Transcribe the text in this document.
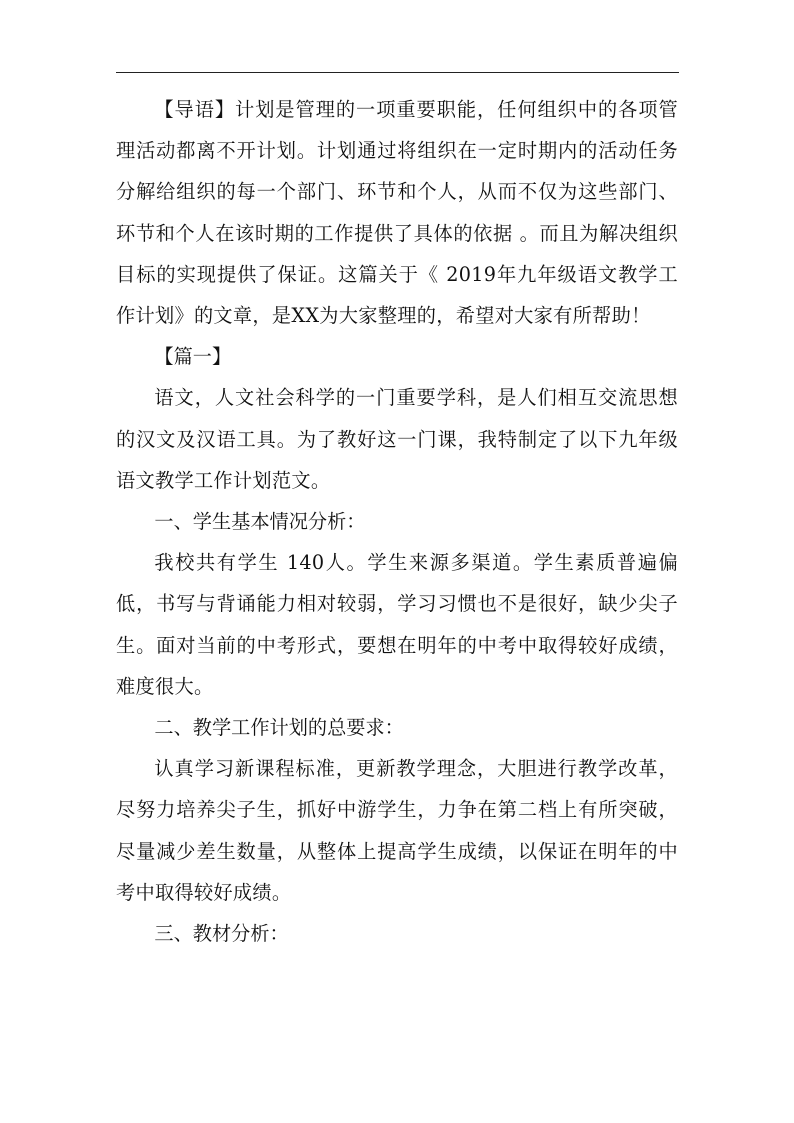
【导语】计划是管理的一项重要职能，任何组织中的各项管理活动都离不开计划。计划通过将组织在一定时期内的活动任务分解给组织的每一个部门、环节和个人，从而不仅为这些部门、环节和个人在该时期的工作提供了具体的依据 。而且为解决组织目标的实现提供了保证。这篇关于《 2019年九年级语文教学工作计划》的文章，是XX为大家整理的，希望对大家有所帮助！

【篇一】

语文，人文社会科学的一门重要学科，是人们相互交流思想的汉文及汉语工具。为了教好这一门课，我特制定了以下九年级语文教学工作计划范文。

一、学生基本情况分析：

我校共有学生 140人。学生来源多渠道。学生素质普遍偏低，书写与背诵能力相对较弱，学习习惯也不是很好，缺少尖子生。面对当前的中考形式，要想在明年的中考中取得较好成绩，难度很大。

二、教学工作计划的总要求：

认真学习新课程标准，更新教学理念，大胆进行教学改革，尽努力培养尖子生，抓好中游学生，力争在第二档上有所突破，尽量减少差生数量，从整体上提高学生成绩，以保证在明年的中考中取得较好成绩。

三、教材分析：
